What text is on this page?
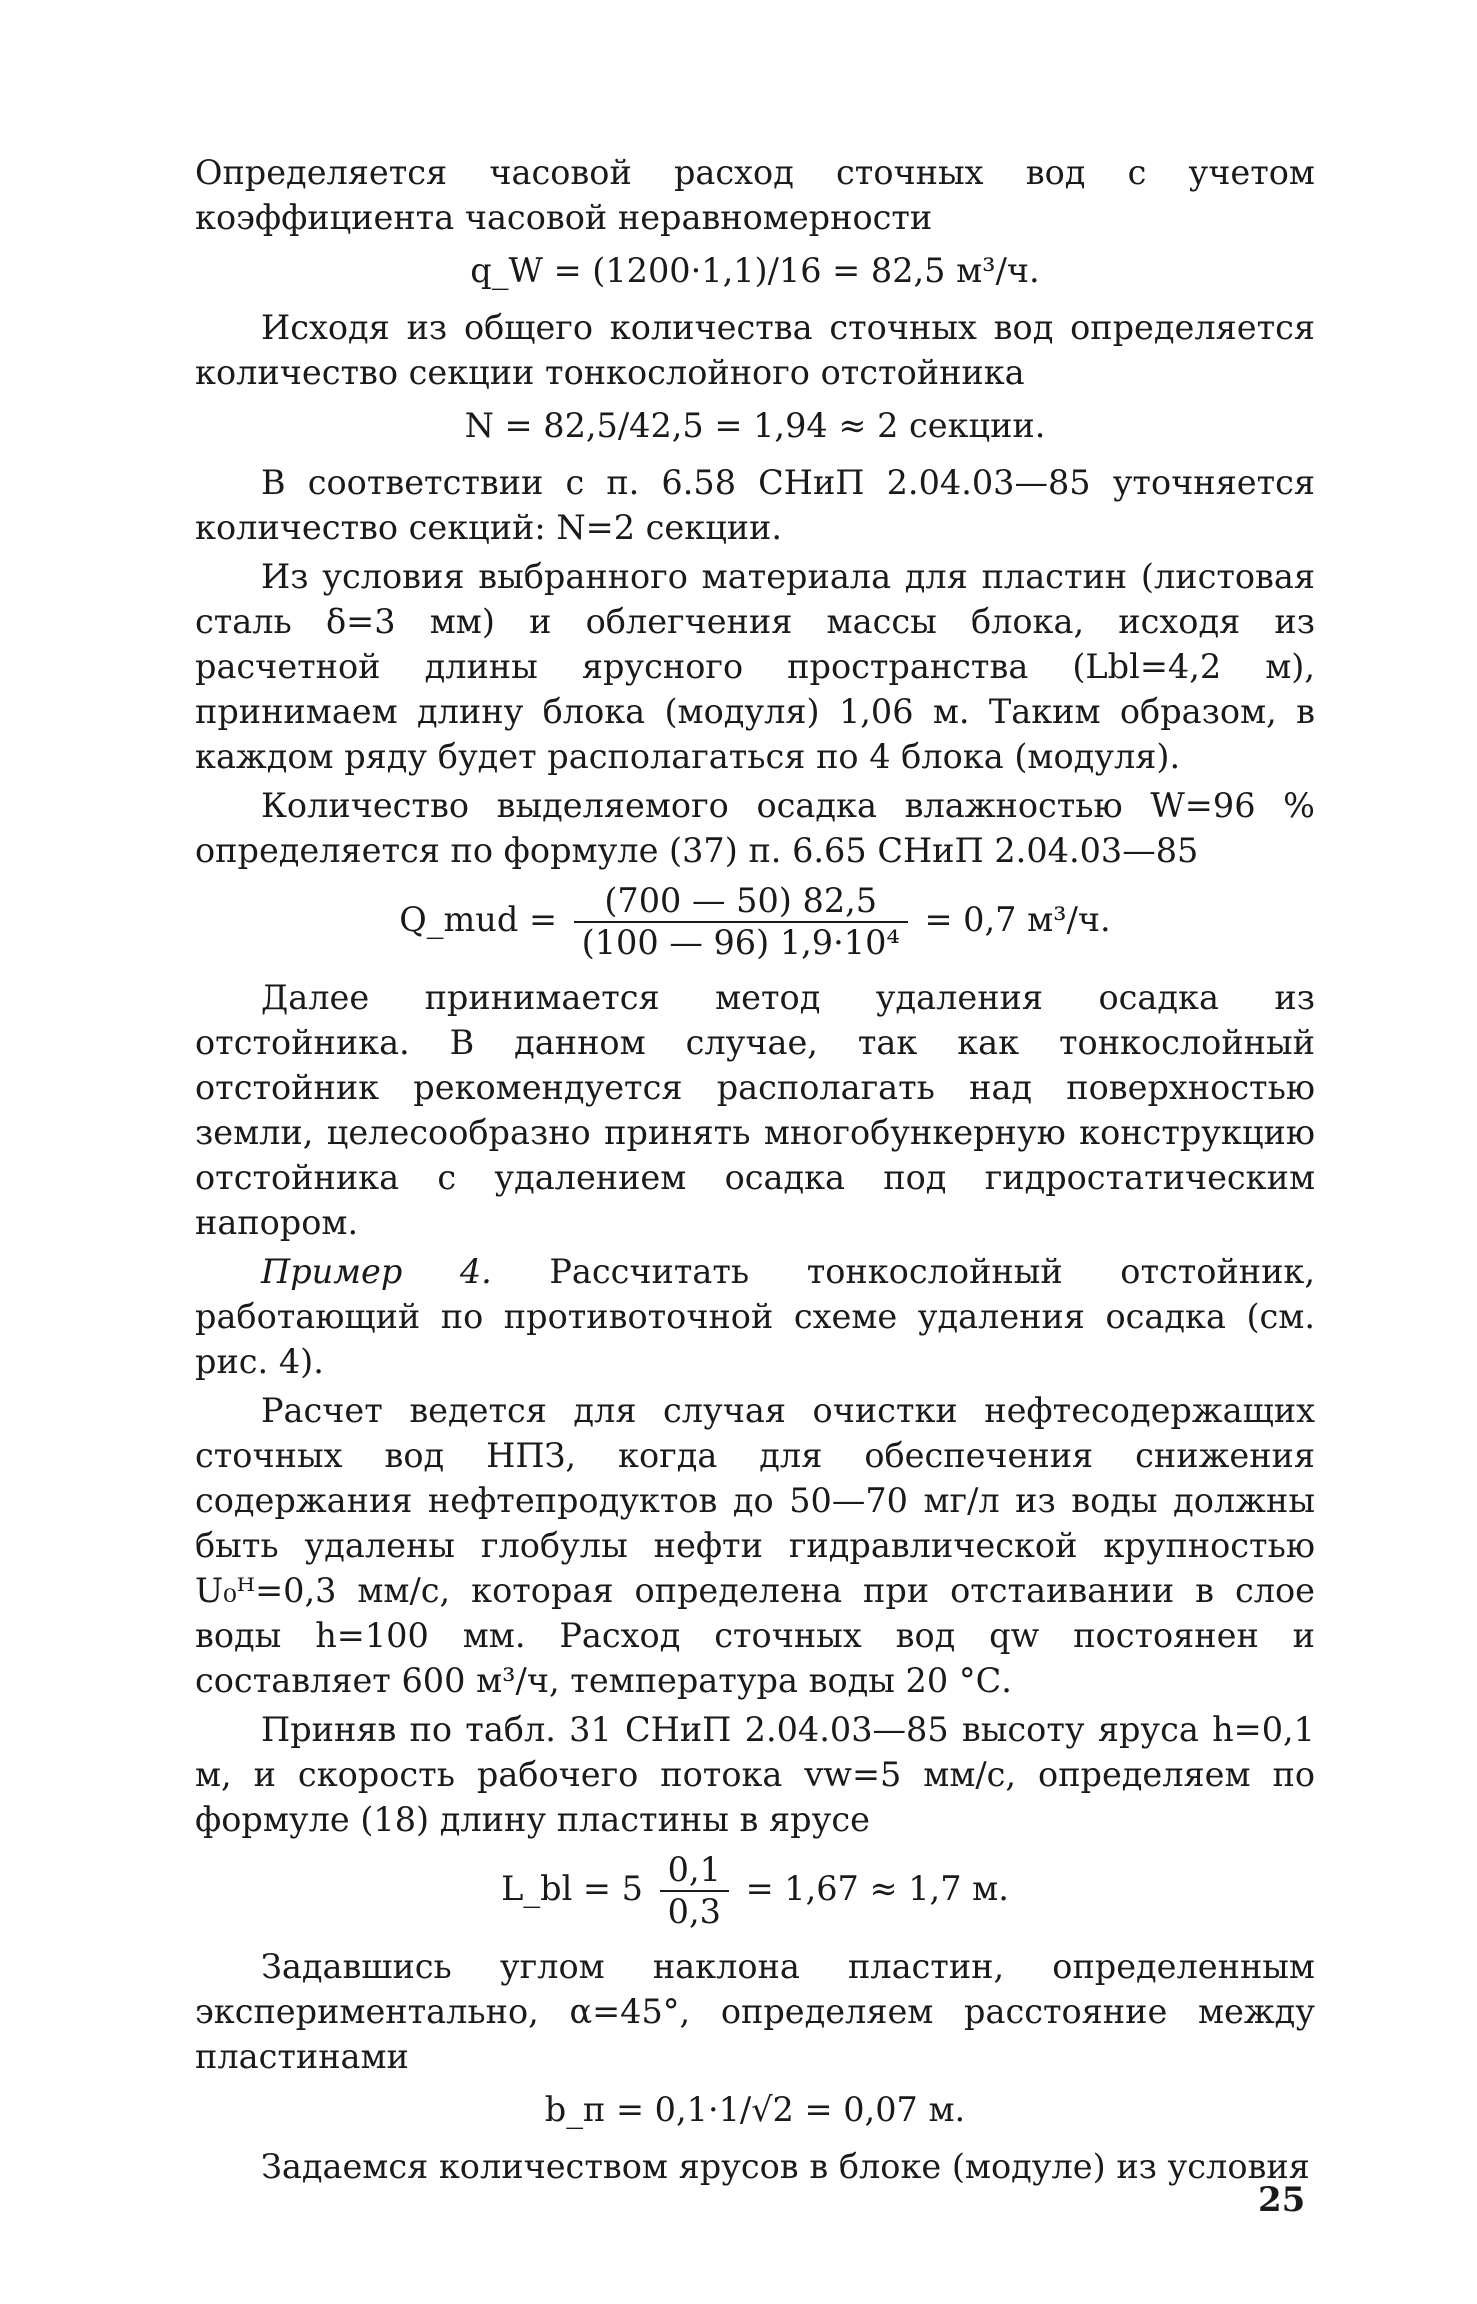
Определяется часовой расход сточных вод с учетом коэффициента часовой неравномерности

q_W = (1200·1,1)/16 = 82,5 м³/ч.

Исходя из общего количества сточных вод определяется количество секции тонкослойного отстойника

N = 82,5/42,5 = 1,94 ≈ 2 секции.

В соответствии с п. 6.58 СНиП 2.04.03—85 уточняется количество секций: N=2 секции.

Из условия выбранного материала для пластин (листовая сталь δ=3 мм) и облегчения массы блока, исходя из расчетной длины ярусного пространства (Lbl=4,2 м), принимаем длину блока (модуля) 1,06 м. Таким образом, в каждом ряду будет располагаться по 4 блока (модуля).

Количество выделяемого осадка влажностью W=96 % определяется по формуле (37) п. 6.65 СНиП 2.04.03—85

Q_mud = $\frac{(700 — 50) 82,5}{\text{(100 — 96) 1,9·10⁴}} = 0,7$ м³/ч.

Далее принимается метод удаления осадка из отстойника. В данном случае, так как тонкослойный отстойник рекомендуется располагать над поверхностью земли, целесообразно принять многобункерную конструкцию отстойника с удалением осадка под гидростатическим напором.

Пример 4. Рассчитать тонкослойный отстойник, работающий по противоточной схеме удаления осадка (см. рис. 4).

Расчет ведется для случая очистки нефтесодержащих сточных вод НПЗ, когда для обеспечения снижения содержания нефтепродуктов до 50—70 мг/л из воды должны быть удалены глобулы нефти гидравлической крупностью U₀ᴴ=0,3 мм/с, которая определена при отстаивании в слое воды h=100 мм. Расход сточных вод qw постоянен и составляет 600 м³/ч, температура воды 20 °С.

Приняв по табл. 31 СНиП 2.04.03—85 высоту яруса h=0,1 м, и скорость рабочего потока vw=5 мм/с, определяем по формуле (18) длину пластины в ярусе

L_bl = $5 \frac{0,1}{0,3} = 1,67 \approx 1,7$ м.

Задавшись углом наклона пластин, определенным экспериментально, α=45°, определяем расстояние между пластинами

b_п = 0,1·1/√2 = 0,07 м.

Задаемся количеством ярусов в блоке (модуле) из условия

25
